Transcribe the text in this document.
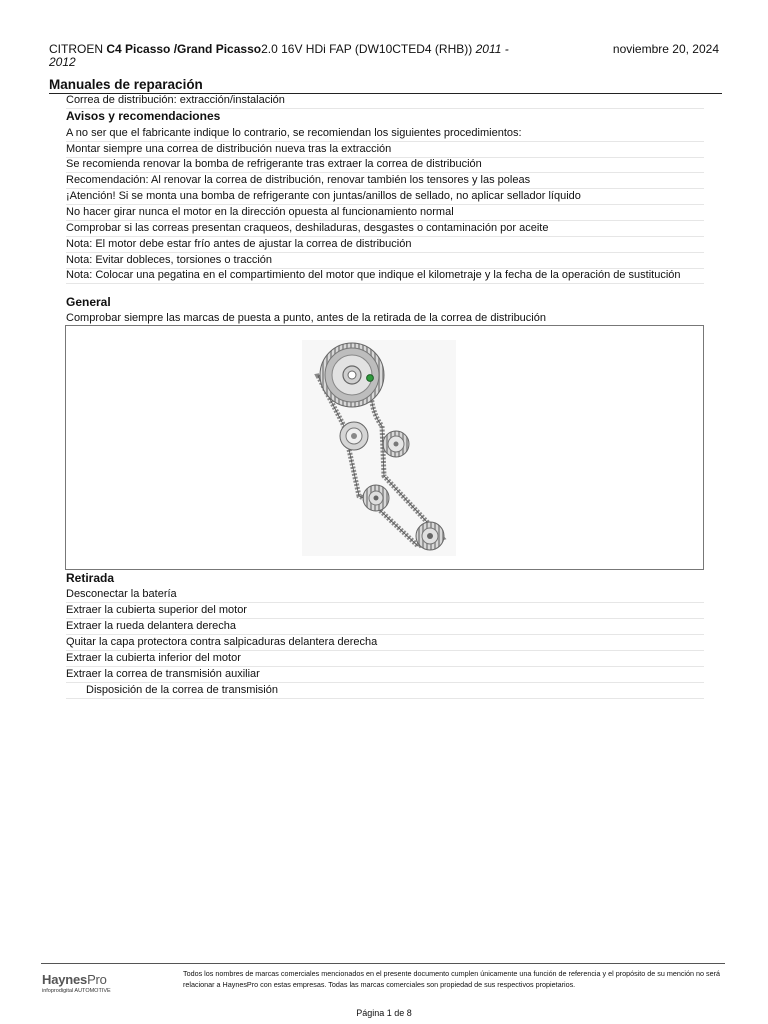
CITROEN C4 Picasso /Grand Picasso2.0 16V HDi FAP (DW10CTED4 (RHB)) 2011 -
2012
noviembre 20, 2024
Manuales de reparación
Correa de distribución: extracción/instalación
Avisos y recomendaciones
A no ser que el fabricante indique lo contrario, se recomiendan los siguientes procedimientos:
Montar siempre una correa de distribución nueva tras la extracción
Se recomienda renovar la bomba de refrigerante tras extraer la correa de distribución
Recomendación: Al renovar la correa de distribución, renovar también los tensores y las poleas
¡Atención! Si se monta una bomba de refrigerante con juntas/anillos de sellado, no aplicar sellador líquido
No hacer girar nunca el motor en la dirección opuesta al funcionamiento normal
Comprobar si las correas presentan craqueos, deshiladuras, desgastes o contaminación por aceite
Nota: El motor debe estar frío antes de ajustar la correa de distribución
Nota: Evitar dobleces, torsiones o tracción
Nota: Colocar una pegatina en el compartimiento del motor que indique el kilometraje y la fecha de la operación de sustitución
General
Comprobar siempre las marcas de puesta a punto, antes de la retirada de la correa de distribución
Retirada
Desconectar la batería
Extraer la cubierta superior del motor
Extraer la rueda delantera derecha
Quitar la capa protectora contra salpicaduras delantera derecha
Extraer la cubierta inferior del motor
Extraer la correa de transmisión auxiliar
Disposición de la correa de transmisión
HaynesPro
infoprodigital AUTOMOTIVE
Todos los nombres de marcas comerciales mencionados en el presente documento cumplen únicamente una función de referencia y el propósito de su mención no será relacionar a HaynesPro con estas empresas. Todas las marcas comerciales son propiedad de sus respectivos propietarios.
Página 1 de 8
